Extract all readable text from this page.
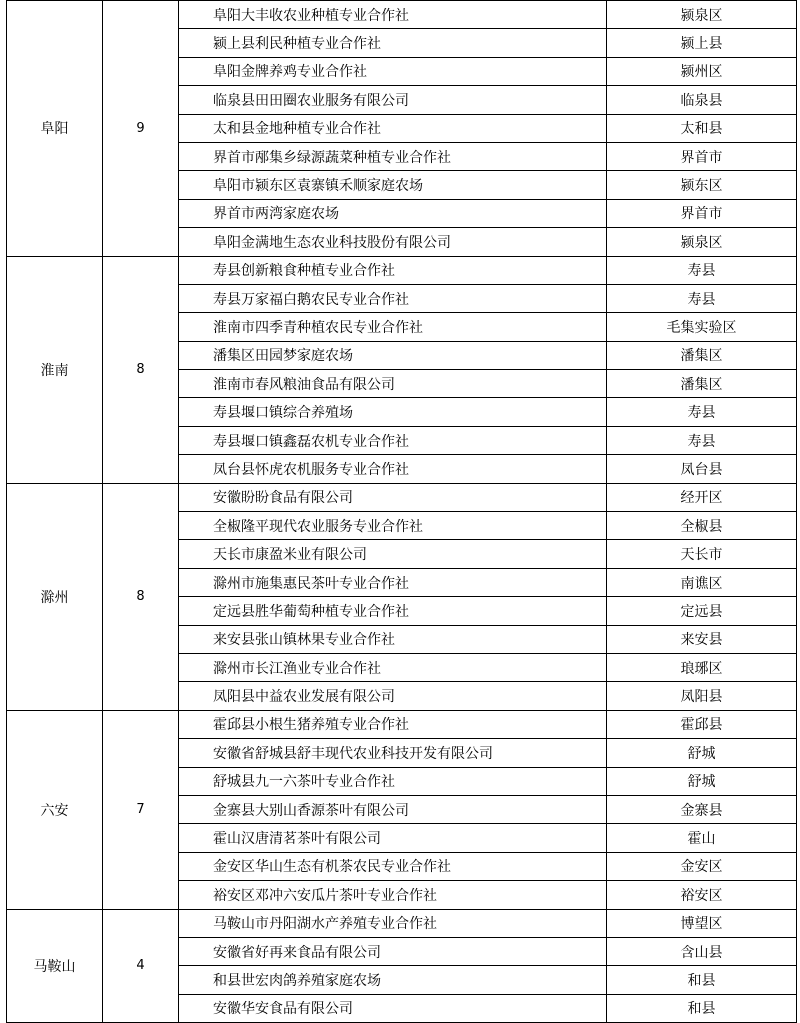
阜阳	9	阜阳大丰收农业种植专业合作社	颍泉区
		颍上县利民种植专业合作社	颍上县
		阜阳金牌养鸡专业合作社	颍州区
		临泉县田田圈农业服务有限公司	临泉县
		太和县金地种植专业合作社	太和县
		界首市邴集乡绿源蔬菜种植专业合作社	界首市
		阜阳市颍东区袁寨镇禾顺家庭农场	颍东区
		界首市两湾家庭农场	界首市
		阜阳金满地生态农业科技股份有限公司	颍泉区
淮南	8	寿县创新粮食种植专业合作社	寿县
		寿县万家福白鹅农民专业合作社	寿县
		淮南市四季青种植农民专业合作社	毛集实验区
		潘集区田园梦家庭农场	潘集区
		淮南市春风粮油食品有限公司	潘集区
		寿县堰口镇综合养殖场	寿县
		寿县堰口镇鑫磊农机专业合作社	寿县
		凤台县怀虎农机服务专业合作社	凤台县
滁州	8	安徽盼盼食品有限公司	经开区
		全椒隆平现代农业服务专业合作社	全椒县
		天长市康盈米业有限公司	天长市
		滁州市施集惠民茶叶专业合作社	南谯区
		定远县胜华葡萄种植专业合作社	定远县
		来安县张山镇林果专业合作社	来安县
		滁州市长江渔业专业合作社	琅琊区
		凤阳县中益农业发展有限公司	凤阳县
六安	7	霍邱县小根生猪养殖专业合作社	霍邱县
		安徽省舒城县舒丰现代农业科技开发有限公司	舒城
		舒城县九一六茶叶专业合作社	舒城
		金寨县大别山香源茶叶有限公司	金寨县
		霍山汉唐清茗茶叶有限公司	霍山
		金安区华山生态有机茶农民专业合作社	金安区
		裕安区邓冲六安瓜片茶叶专业合作社	裕安区
马鞍山	4	马鞍山市丹阳湖水产养殖专业合作社	博望区
		安徽省好再来食品有限公司	含山县
		和县世宏肉鸽养殖家庭农场	和县
		安徽华安食品有限公司	和县
